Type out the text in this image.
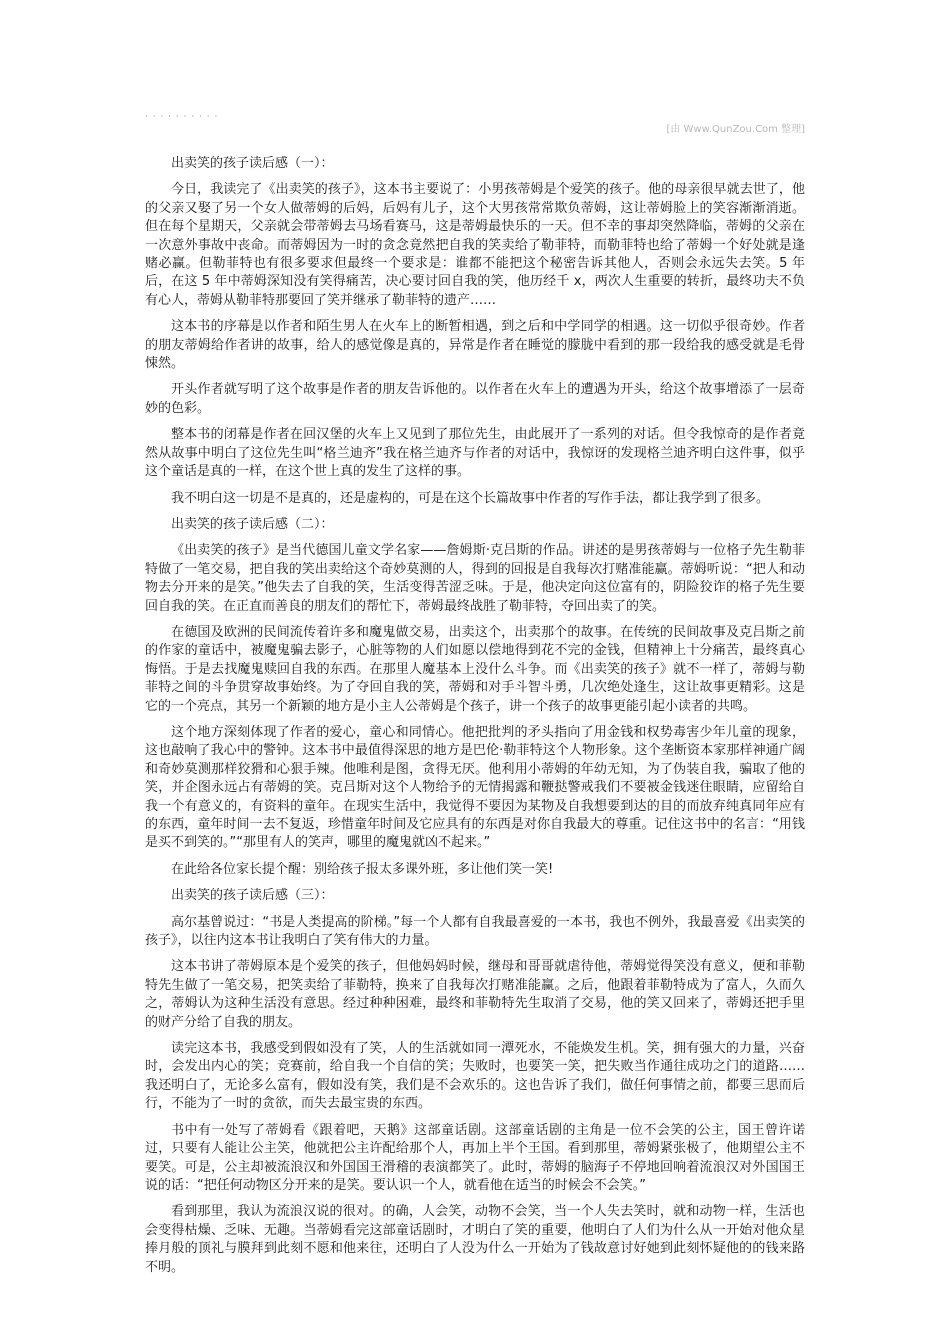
· · · · · · · · · ·
[由 Www.QunZou.Com 整理]

出卖笑的孩子读后感（一）：

今日，我读完了《出卖笑的孩子》，这本书主要说了：小男孩蒂姆是个爱笑的孩子。他的母亲很早就去世了，他的父亲又娶了另一个女人做蒂姆的后妈，后妈有儿子，这个大男孩常常欺负蒂姆，这让蒂姆脸上的笑容渐渐消逝。但在每个星期天，父亲就会带蒂姆去马场看赛马，这是蒂姆最快乐的一天。但不幸的事却突然降临，蒂姆的父亲在一次意外事故中丧命。而蒂姆因为一时的贪念竟然把自我的笑卖给了勒菲特，而勒菲特也给了蒂姆一个好处就是逢赌必赢。但勒菲特也有很多要求但最终一个要求是：谁都不能把这个秘密告诉其他人，否则会永远失去笑。5 年后，在这 5 年中蒂姆深知没有笑得痛苦，决心要讨回自我的笑，他历经千 x，两次人生重要的转折，最终功夫不负有心人，蒂姆从勒菲特那要回了笑并继承了勒菲特的遗产……

这本书的序幕是以作者和陌生男人在火车上的断暂相遇，到之后和中学同学的相遇。这一切似乎很奇妙。作者的朋友蒂姆给作者讲的故事，给人的感觉像是真的，异常是作者在睡觉的朦胧中看到的那一段给我的感受就是毛骨悚然。

开头作者就写明了这个故事是作者的朋友告诉他的。以作者在火车上的遭遇为开头，给这个故事增添了一层奇妙的色彩。

整本书的闭幕是作者在回汉堡的火车上又见到了那位先生，由此展开了一系列的对话。但令我惊奇的是作者竟然从故事中明白了这位先生叫“格兰迪齐”我在格兰迪齐与作者的对话中，我惊讶的发现格兰迪齐明白这件事，似乎这个童话是真的一样，在这个世上真的发生了这样的事。

我不明白这一切是不是真的，还是虚构的，可是在这个长篇故事中作者的写作手法，都让我学到了很多。

出卖笑的孩子读后感（二）：

《出卖笑的孩子》是当代德国儿童文学名家——詹姆斯·克吕斯的作品。讲述的是男孩蒂姆与一位格子先生勒菲特做了一笔交易，把自我的笑出卖给这个奇妙莫测的人，得到的回报是自我每次打赌准能赢。蒂姆听说：“把人和动物去分开来的是笑。”他失去了自我的笑，生活变得苦涩乏味。于是，他决定向这位富有的，阴险狡诈的格子先生要回自我的笑。在正直而善良的朋友们的帮忙下，蒂姆最终战胜了勒菲特，夺回出卖了的笑。

在德国及欧洲的民间流传着许多和魔鬼做交易，出卖这个，出卖那个的故事。在传统的民间故事及克吕斯之前的作家的童话中，被魔鬼骗去影子，心脏等物的人们如愿以偿地得到花不完的金钱，但精神上十分痛苦，最终真心悔悟。于是去找魔鬼赎回自我的东西。在那里人魔基本上没什么斗争。而《出卖笑的孩子》就不一样了，蒂姆与勒菲特之间的斗争贯穿故事始终。为了夺回自我的笑，蒂姆和对手斗智斗勇，几次绝处逢生，这让故事更精彩。这是它的一个亮点，其另一个新颖的地方是小主人公蒂姆是个孩子，讲一个孩子的故事更能引起小读者的共鸣。

这个地方深刻体现了作者的爱心，童心和同情心。他把批判的矛头指向了用金钱和权势毒害少年儿童的现象，这也敲响了我心中的警钟。这本书中最值得深思的地方是巴伦·勒菲特这个人物形象。这个垄断资本家那样神通广阔和奇妙莫测那样狡猾和心狠手辣。他唯利是图，贪得无厌。他利用小蒂姆的年幼无知，为了伪装自我，骗取了他的笑，并企图永远占有蒂姆的笑。克吕斯对这个人物给予的无情揭露和鞭挞警戒我们不要被金钱迷住眼睛，应留给自我一个有意义的，有资料的童年。在现实生活中，我觉得不要因为某物及自我想要到达的目的而放弃纯真同年应有的东西，童年时间一去不复返，珍惜童年时间及它应具有的东西是对你自我最大的尊重。记住这书中的名言：“用钱是买不到笑的。”“那里有人的笑声，哪里的魔鬼就凶不起来。”

在此给各位家长提个醒：别给孩子报太多课外班，多让他们笑一笑!

出卖笑的孩子读后感（三）：

高尔基曾说过：“书是人类提高的阶梯。”每一个人都有自我最喜爱的一本书，我也不例外，我最喜爱《出卖笑的孩子》，以往内这本书让我明白了笑有伟大的力量。

这本书讲了蒂姆原本是个爱笑的孩子，但他妈妈时候，继母和哥哥就虐待他，蒂姆觉得笑没有意义，便和菲勒特先生做了一笔交易，把笑卖给了菲勒特，换来了自我每次打赌准能赢。之后，他跟着菲勒特成为了富人，久而久之，蒂姆认为这种生活没有意思。经过种种困难，最终和菲勒特先生取消了交易，他的笑又回来了，蒂姆还把手里的财产分给了自我的朋友。

读完这本书，我感受到假如没有了笑，人的生活就如同一潭死水，不能焕发生机。笑，拥有强大的力量，兴奋时，会发出内心的笑；竞赛前，给自我一个自信的笑；失败时，也要笑一笑，把失败当作通往成功之门的道路……我还明白了，无论多么富有，假如没有笑，我们是不会欢乐的。这也告诉了我们，做任何事情之前，都要三思而后行，不能为了一时的贪欲，而失去最宝贵的东西。

书中有一处写了蒂姆看《跟着吧，天鹅》这部童话剧。这部童话剧的主角是一位不会笑的公主，国王曾许诺过，只要有人能让公主笑，他就把公主许配给那个人，再加上半个王国。看到那里，蒂姆紧张极了，他期望公主不要笑。可是，公主却被流浪汉和外国国王滑稽的表演都笑了。此时，蒂姆的脑海子不停地回响着流浪汉对外国国王说的话：“把任何动物区分开来的是笑。要认识一个人，就看他在适当的时候会不会笑。”

看到那里，我认为流浪汉说的很对。的确，人会笑，动物不会笑，当一个人失去笑时，就和动物一样，生活也会变得枯燥、乏味、无趣。当蒂姆看完这部童话剧时，才明白了笑的重要，他明白了人们为什么从一开始对他众星捧月般的顶礼与膜拜到此刻不愿和他来往，还明白了人没为什么一开始为了钱故意讨好她到此刻怀疑他的的钱来路不明。
